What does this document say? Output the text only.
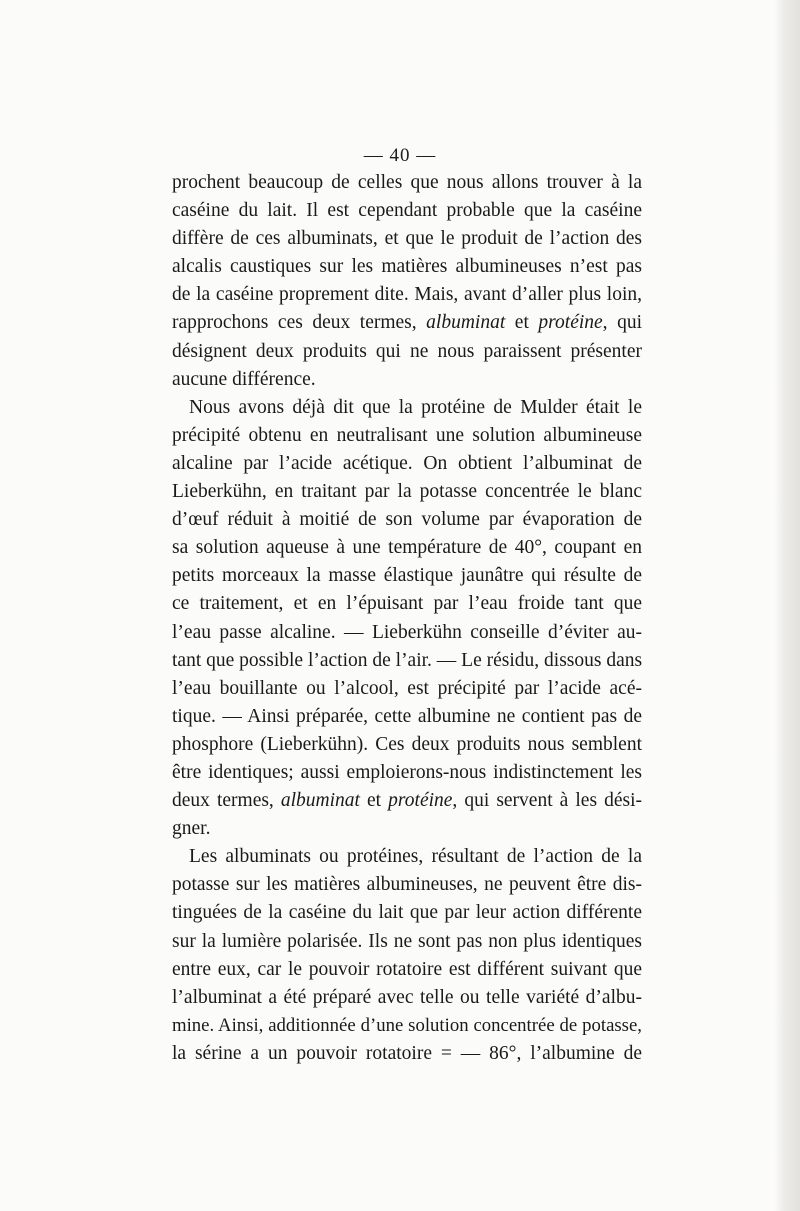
— 40 —
prochent beaucoup de celles que nous allons trouver à la
caséine du lait. Il est cependant probable que la caséine
diffère de ces albuminats, et que le produit de l’action des
alcalis caustiques sur les matières albumineuses n’est pas
de la caséine proprement dite. Mais, avant d’aller plus loin,
rapprochons ces deux termes, albuminat et protéine, qui
désignent deux produits qui ne nous paraissent présenter
aucune différence.
Nous avons déjà dit que la protéine de Mulder était le
précipité obtenu en neutralisant une solution albumineuse
alcaline par l’acide acétique. On obtient l’albuminat de
Lieberkühn, en traitant par la potasse concentrée le blanc
d’œuf réduit à moitié de son volume par évaporation de
sa solution aqueuse à une température de 40°, coupant en
petits morceaux la masse élastique jaunâtre qui résulte de
ce traitement, et en l’épuisant par l’eau froide tant que
l’eau passe alcaline. — Lieberkühn conseille d’éviter au-
tant que possible l’action de l’air. — Le résidu, dissous dans
l’eau bouillante ou l’alcool, est précipité par l’acide acé-
tique. — Ainsi préparée, cette albumine ne contient pas de
phosphore (Lieberkühn). Ces deux produits nous semblent
être identiques; aussi emploierons-nous indistinctement les
deux termes, albuminat et protéine, qui servent à les dési-
gner.
Les albuminats ou protéines, résultant de l’action de la
potasse sur les matières albumineuses, ne peuvent être dis-
tinguées de la caséine du lait que par leur action différente
sur la lumière polarisée. Ils ne sont pas non plus identiques
entre eux, car le pouvoir rotatoire est différent suivant que
l’albuminat a été préparé avec telle ou telle variété d’albu-
mine. Ainsi, additionnée d’une solution concentrée de potasse,
la sérine a un pouvoir rotatoire = — 86°, l’albumine de
